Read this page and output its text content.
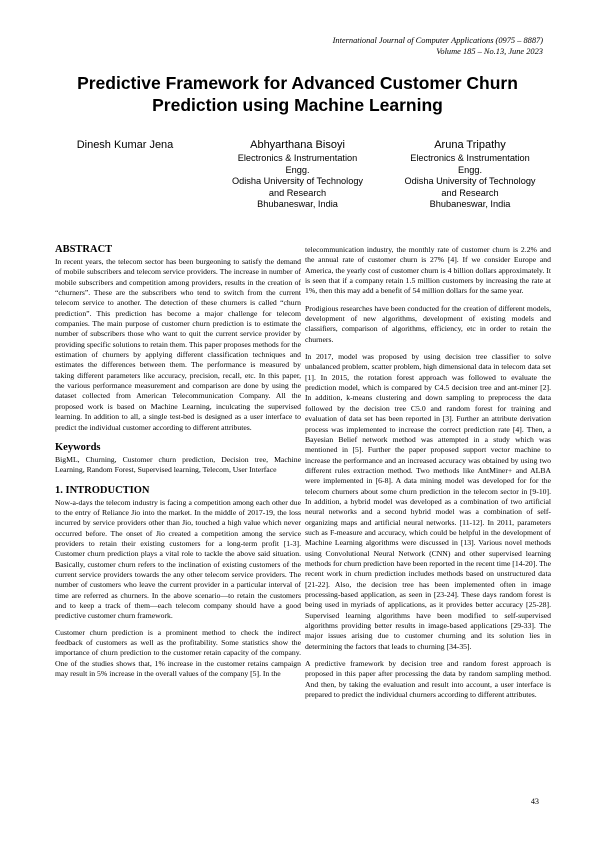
International Journal of Computer Applications (0975 – 8887)
Volume 185 – No.13, June 2023
Predictive Framework for Advanced Customer Churn
Prediction using Machine Learning
Dinesh Kumar Jena	Abhyarthana Bisoyi
Electronics & Instrumentation
Engg.
Odisha University of Technology
and Research
Bhubaneswar, India
Aruna Tripathy
Electronics & Instrumentation
Engg.
Odisha University of Technology
and Research
Bhubaneswar, India
ABSTRACT

In recent years, the telecom sector has been burgeoning to satisfy the demand of mobile subscribers and telecom service providers. The increase in number of mobile subscribers and competition among providers, results in the creation of “churners”. These are the subscribers who tend to switch from the current telecom service to another. The detection of these churners is called “churn prediction”. This prediction has become a major challenge for telecom companies. The main purpose of customer churn prediction is to estimate the number of subscribers those who want to quit the current service provider by providing specific solutions to retain them. This paper proposes methods for the estimation of churners by applying different classification techniques and estimates the differences between them. The performance is measured by taking different parameters like accuracy, precision, recall, etc. In this paper, the various performance measurement and comparison are done by using the dataset collected from American Telecommunication Company. All the proposed work is based on Machine Learning, inculcating the supervised learning. In addition to all, a single test-bed is designed as a user interface to predict the individual customer according to different attributes.

Keywords

BigML, Churning, Customer churn prediction, Decision tree, Machine Learning, Random Forest, Supervised learning, Telecom, User Interface

1. INTRODUCTION

Now-a-days the telecom industry is facing a competition among each other due to the entry of Reliance Jio into the market. In the middle of 2017-19, the loss incurred by service providers other than Jio, touched a high value which never occurred before. The onset of Jio created a competition among the service providers to retain their existing customers for a long-term profit [1-3]. Customer churn prediction plays a vital role to tackle the above said situation. Basically, customer churn refers to the inclination of existing customers of the current service providers towards the any other telecom service providers. The number of customers who leave the current provider in a particular interval of time are referred as churners. In the above scenario—to retain the customers and to keep a track of them—each telecom company should have a good predictive customer churn framework.

Customer churn prediction is a prominent method to check the indirect feedback of customers as well as the profitability. Some statistics show the importance of churn prediction to the customer retain capacity of the company. One of the studies shows that, 1% increase in the customer retains campaign may result in 5% increase in the overall values of the company [5]. In the

telecommunication industry, the monthly rate of customer churn is 2.2% and the annual rate of customer churn is 27% [4]. If we consider Europe and America, the yearly cost of customer churn is 4 billion dollars approximately. It is seen that if a company retain 1.5 million customers by increasing the rate at 1%, then this may add a benefit of 54 million dollars for the same year.

Prodigious researches have been conducted for the creation of different models, development of new algorithms, development of existing models and classifiers, comparison of algorithms, efficiency, etc in order to retain the churners.

In 2017, model was proposed by using decision tree classifier to solve unbalanced problem, scatter problem, high dimensional data in telecom data set [1]. In 2015, the rotation forest approach was followed to evaluate the prediction model, which is compared by C4.5 decision tree and ant-miner [2]. In addition, k-means clustering and down sampling to preprocess the data followed by the decision tree C5.0 and random forest for training and evaluation of data set has been reported in [3]. Further an attribute derivation process was implemented to increase the correct prediction rate [4]. Then, a Bayesian Belief network method was attempted in a study which was mentioned in [5]. Further the paper proposed support vector machine to increase the performance and an increased accuracy was obtained by using two different rules extraction method. Two methods like AntMiner+ and ALBA were implemented in [6-8]. A data mining model was developed for for the telecom churners about some churn prediction in the telecom sector in [9-10]. In addition, a hybrid model was developed as a combination of two artificial neural networks and a second hybrid model was a combination of self-organizing maps and artificial neural networks. [11-12]. In 2011, parameters such as F-measure and accuracy, which could be helpful in the development of Machine Learning algorithms were discussed in [13]. Various novel methods using Convolutional Neural Network (CNN) and other supervised learning methods for churn prediction have been reported in the recent time [14-20]. The recent work in churn prediction includes methods based on unstructured data [21-22]. Also, the decision tree has been implemented often in image processing-based application, as seen in [23-24]. These days random forest is being used in myriads of applications, as it provides better accuracy [25-28]. Supervised learning algorithms have been modified to self-supervised algorithms providing better results in image-based applications [29-33]. The major issues arising due to customer churning and its solution lies in determining the factors that leads to churning [34-35].

A predictive framework by decision tree and random forest approach is proposed in this paper after processing the data by random sampling method. And then, by taking the evaluation and result into account, a user interface is prepared to predict the individual churners according to different attributes.

43
